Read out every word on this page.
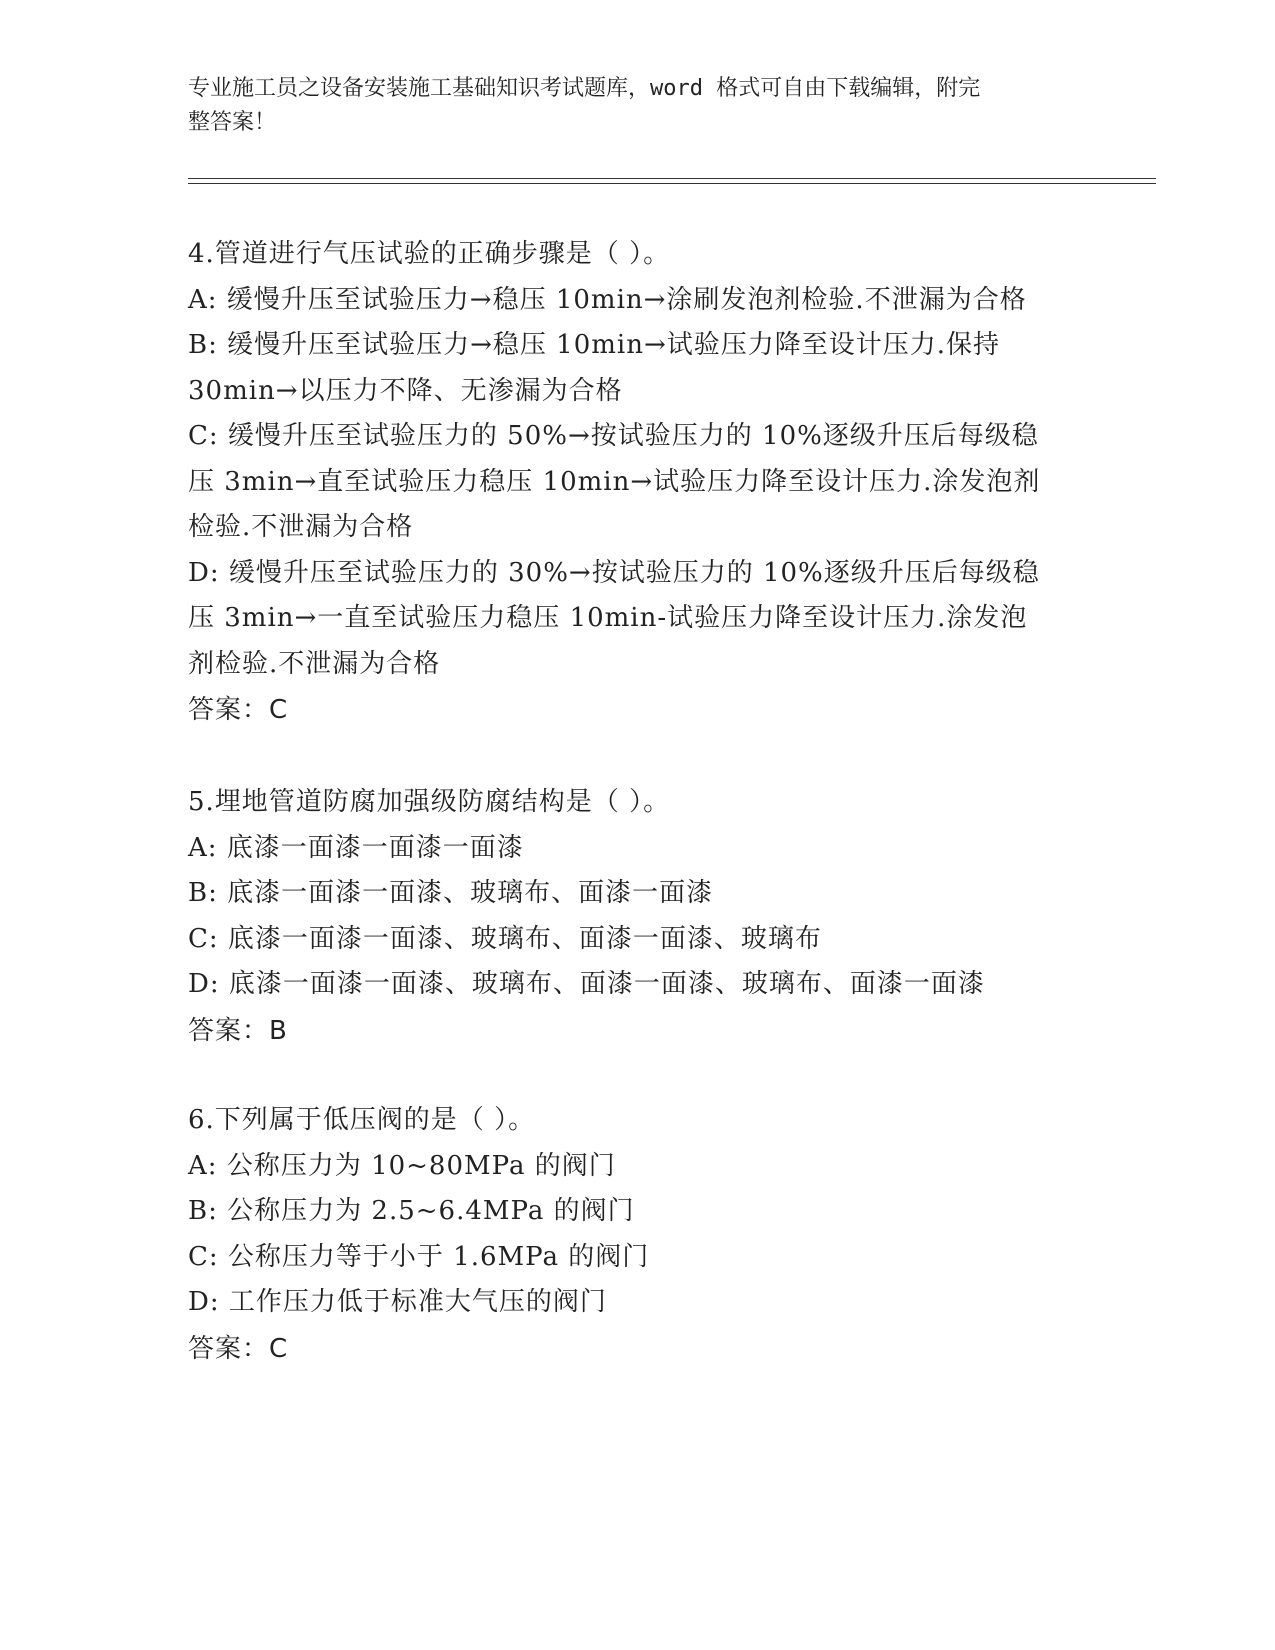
专业施工员之设备安装施工基础知识考试题库，word 格式可自由下载编辑，附完
整答案！
4.管道进行气压试验的正确步骤是（ ）。
A: 缓慢升压至试验压力→稳压 10min→涂刷发泡剂检验.不泄漏为合格
B: 缓慢升压至试验压力→稳压 10min→试验压力降至设计压力.保持
30min→以压力不降、无渗漏为合格
C: 缓慢升压至试验压力的 50%→按试验压力的 10%逐级升压后每级稳
压 3min→直至试验压力稳压 10min→试验压力降至设计压力.涂发泡剂
检验.不泄漏为合格
D: 缓慢升压至试验压力的 30%→按试验压力的 10%逐级升压后每级稳
压 3min→一直至试验压力稳压 10min-试验压力降至设计压力.涂发泡
剂检验.不泄漏为合格
答案：C
5.埋地管道防腐加强级防腐结构是（ ）。
A: 底漆一面漆一面漆一面漆
B: 底漆一面漆一面漆、玻璃布、面漆一面漆
C: 底漆一面漆一面漆、玻璃布、面漆一面漆、玻璃布
D: 底漆一面漆一面漆、玻璃布、面漆一面漆、玻璃布、面漆一面漆
答案：B
6.下列属于低压阀的是（ ）。
A: 公称压力为 10~80MPa 的阀门
B: 公称压力为 2.5~6.4MPa 的阀门
C: 公称压力等于小于 1.6MPa 的阀门
D: 工作压力低于标准大气压的阀门
答案：C
